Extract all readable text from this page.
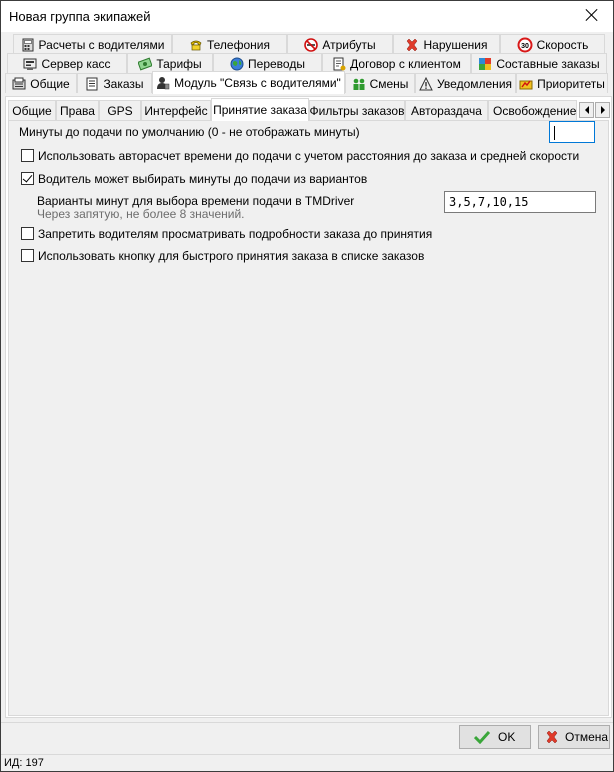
Новая группа экипажей
Расчеты с водителями	Телефония	Атрибуты	Нарушения	30 Скорость
Сервер касс	Тарифы	Переводы	Договор с клиентом	Составные заказы
Общие	Заказы	Модуль "Связь с водителями" Смены Уведомления Приоритеты
Общие Права GPS Интерфейс Принятие заказа Фильтры заказов Автораздача Освобождение
Минуты до подачи по умолчанию (0 - не отображать минуты)
Использовать авторасчет времени до подачи с учетом расстояния до заказа и средней скорости
Водитель может выбирать минуты до подачи из вариантов
Варианты минут для выбора времени подачи в TMDriver
Через запятую, не более 8 значений.
3,5,7,10,15
Запретить водителям просматривать подробности заказа до принятия
Использовать кнопку для быстрого принятия заказа в списке заказов
OK	Отмена
ИД: 197
